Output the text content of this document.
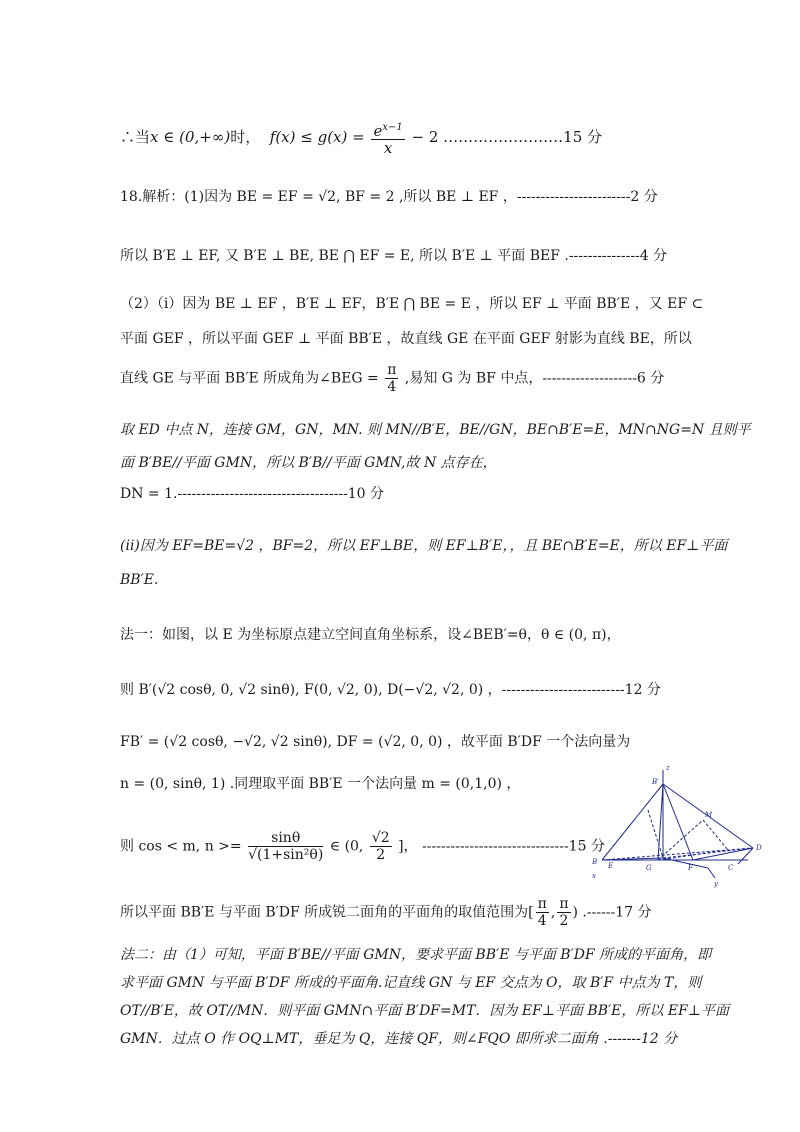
∴当x ∈ (0,+∞)时， $f(x) \le g(x) = \frac{e^{x-1}}{x} - 2$ ……………………15 分
18.解析：(1)因为 BE = EF = √2, BF = 2 ,所以 BE ⊥ EF ，------------------------2 分
所以 B′E ⊥ EF, 又 B′E ⊥ BE, BE ⋂ EF = E, 所以 B′E ⊥ 平面 BEF .---------------4 分
（2）（i）因为 BE ⊥ EF ，B′E ⊥ EF，B′E ⋂ BE = E ，所以 EF ⊥ 平面 BB′E ，又 EF ⊂
平面 GEF ，所以平面 GEF ⊥ 平面 BB′E ，故直线 GE 在平面 GEF 射影为直线 BE，所以
直线 GE 与平面 BB′E 所成角为∠BEG = $\frac{\pi}{4}$ ,易知 G 为 BF 中点，--------------------6 分
取 ED 中点 N，连接 GM，GN，MN. 则 MN//B′E，BE//GN，BE∩B′E=E，MN∩NG=N 且则平
面 B′BE//平面 GMN，所以 B′B//平面 GMN,故 N 点存在，
DN = 1.------------------------------------10 分
(ii)因为 EF=BE=√2 ，BF=2，所以 EF⊥BE，则 EF⊥B′E，，且 BE∩B′E=E，所以 EF⊥平面
BB′E.
法一：如图，以 E 为坐标原点建立空间直角坐标系，设∠BEB′=θ，θ ∈ (0, π)，
则 B′(√2 cosθ, 0, √2 sinθ), F(0, √2, 0), D(−√2, √2, 0) ，--------------------------12 分
FB′ = (√2 cosθ, −√2, √2 sinθ), DF = (√2, 0, 0) ，故平面 B′DF 一个法向量为
n = (0, sinθ, 1) .同理取平面 BB′E 一个法向量 m = (0,1,0) ，
则 cos < m, $n >= \frac{\sin\theta}{\text{√(1+sin²θ)}}$ ∈ (0, $\frac{√2}{2}$ ]， -------------------------------15 分
所以平面 BB′E 与平面 B′DF 所成锐二面角的平面角的取值范围为[ $\frac{\pi}{4}$ , $\frac{\pi}{2}$ ) .------17 分
法二：由（1）可知，平面 B′BE//平面 GMN，要求平面 BB′E 与平面 B′DF 所成的平面角，即
求平面 GMN 与平面 B′DF 所成的平面角.记直线 GN 与 EF 交点为 O，取 B′F 中点为 T，则
OT//B′E，故 OT//MN．则平面 GMN∩平面 B′DF=MT．因为 EF⊥平面 BB′E，所以 EF⊥平面
GMN．过点 O 作 OQ⊥MT，垂足为 Q，连接 QF，则∠FQO 即所求二面角 .-------12 分
z
B′
M
D
B E	G	F	C
x
y
